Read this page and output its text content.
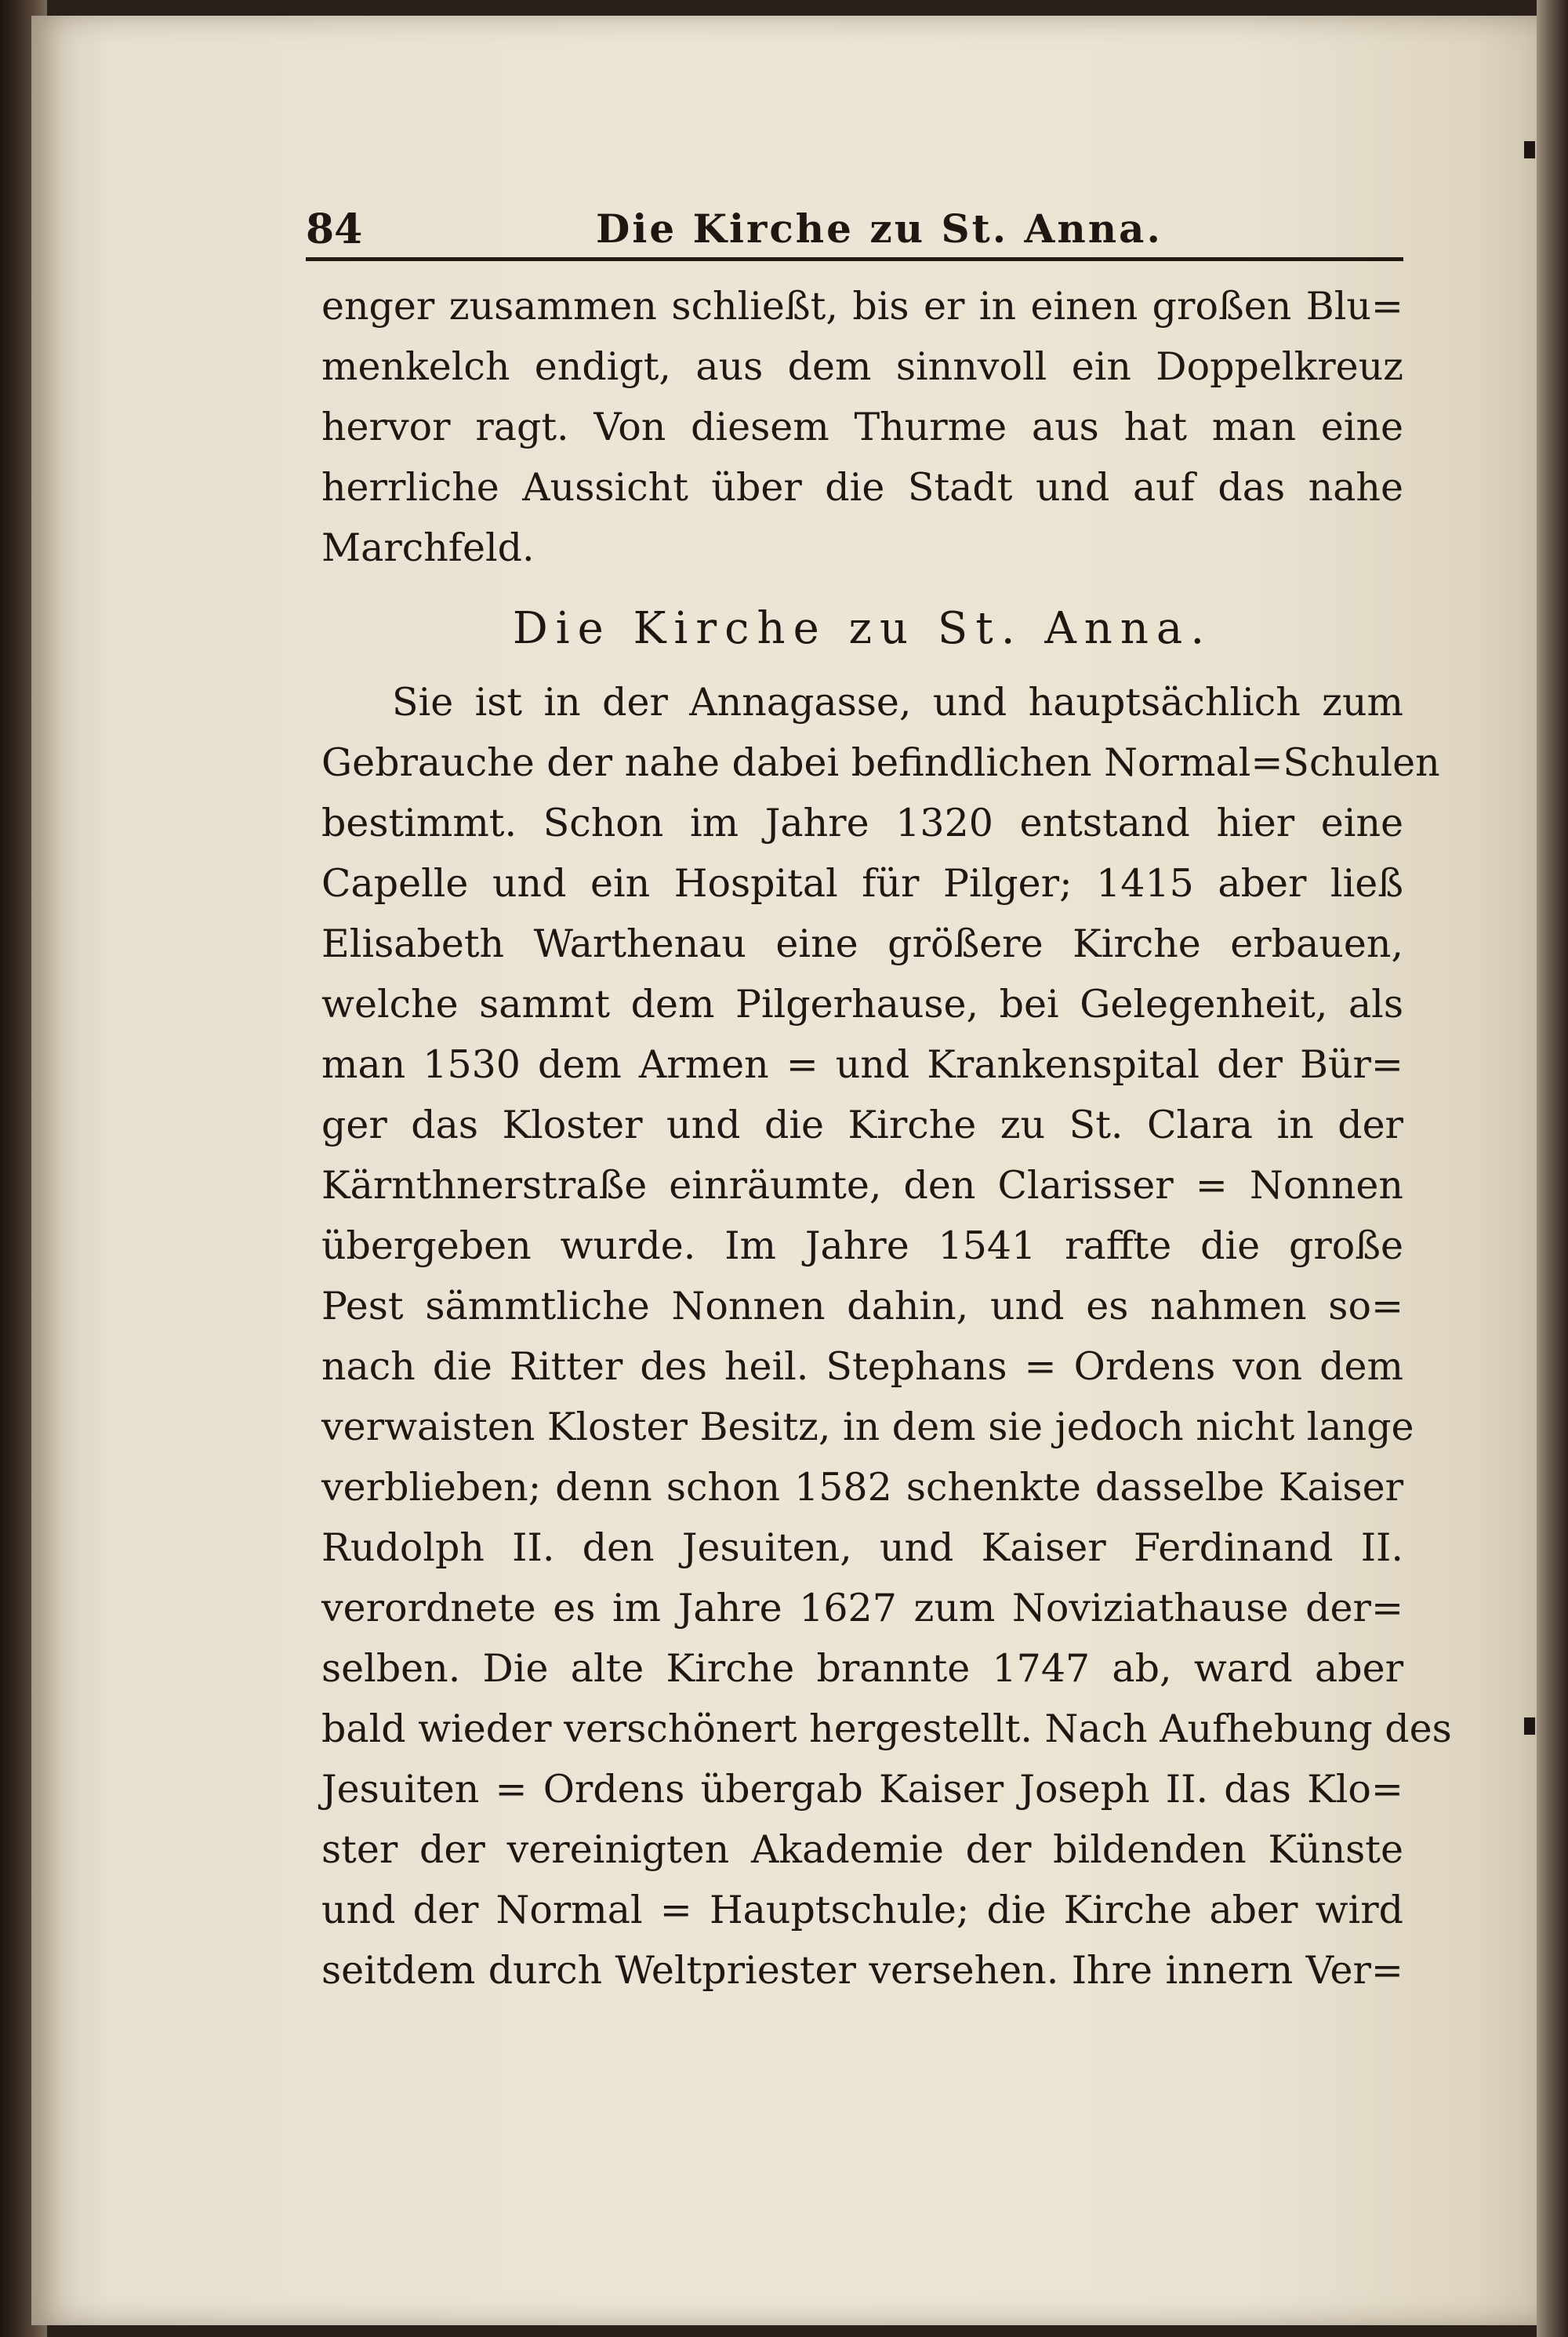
84	Die Kirche zu St. Anna.
enger zusammen schließt, bis er in einen großen Blu=
menkelch endigt, aus dem sinnvoll ein Doppelkreuz
hervor ragt. Von diesem Thurme aus hat man eine
herrliche Aussicht über die Stadt und auf das nahe
Marchfeld.
Die Kirche zu St. Anna.
Sie ist in der Annagasse, und hauptsächlich zum
Gebrauche der nahe dabei befindlichen Normal=Schulen
bestimmt. Schon im Jahre 1320 entstand hier eine
Capelle und ein Hospital für Pilger; 1415 aber ließ
Elisabeth Warthenau eine größere Kirche erbauen,
welche sammt dem Pilgerhause, bei Gelegenheit, als
man 1530 dem Armen = und Krankenspital der Bür=
ger das Kloster und die Kirche zu St. Clara in der
Kärnthnerstraße einräumte, den Clarisser = Nonnen
übergeben wurde. Im Jahre 1541 raffte die große
Pest sämmtliche Nonnen dahin, und es nahmen so=
nach die Ritter des heil. Stephans = Ordens von dem
verwaisten Kloster Besitz, in dem sie jedoch nicht lange
verblieben; denn schon 1582 schenkte dasselbe Kaiser
Rudolph II. den Jesuiten, und Kaiser Ferdinand II.
verordnete es im Jahre 1627 zum Noviziathause der=
selben. Die alte Kirche brannte 1747 ab, ward aber
bald wieder verschönert hergestellt. Nach Aufhebung des
Jesuiten = Ordens übergab Kaiser Joseph II. das Klo=
ster der vereinigten Akademie der bildenden Künste
und der Normal = Hauptschule; die Kirche aber wird
seitdem durch Weltpriester versehen. Ihre innern Ver=
